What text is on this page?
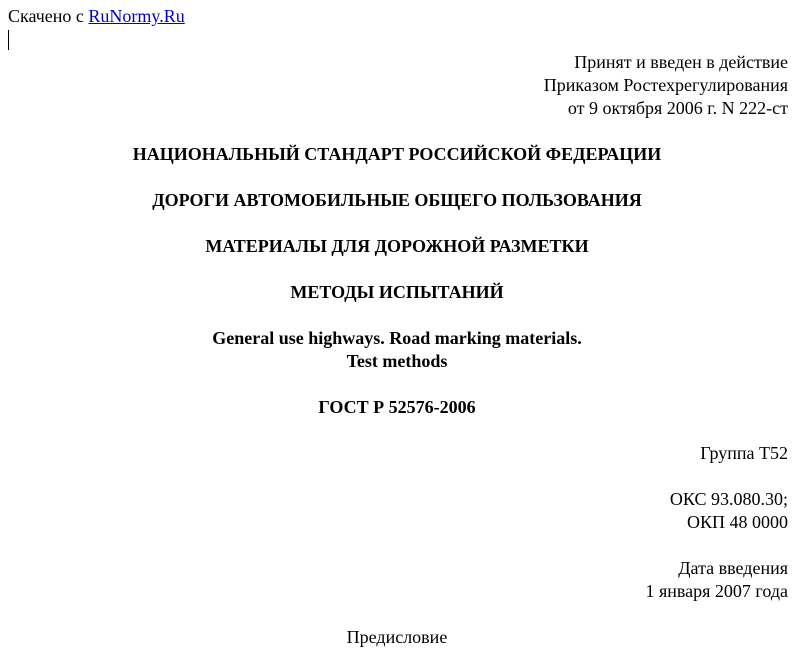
Скачено с RuNormy.Ru
Принят и введен в действие
Приказом Ростехрегулирования
от 9 октября 2006 г. N 222-ст
НАЦИОНАЛЬНЫЙ СТАНДАРТ РОССИЙСКОЙ ФЕДЕРАЦИИ
ДОРОГИ АВТОМОБИЛЬНЫЕ ОБЩЕГО ПОЛЬЗОВАНИЯ
МАТЕРИАЛЫ ДЛЯ ДОРОЖНОЙ РАЗМЕТКИ
МЕТОДЫ ИСПЫТАНИЙ
General use highways. Road marking materials.
Test methods
ГОСТ Р 52576-2006
Группа Т52
ОКС 93.080.30;
ОКП 48 0000
Дата введения
1 января 2007 года
Предисловие
